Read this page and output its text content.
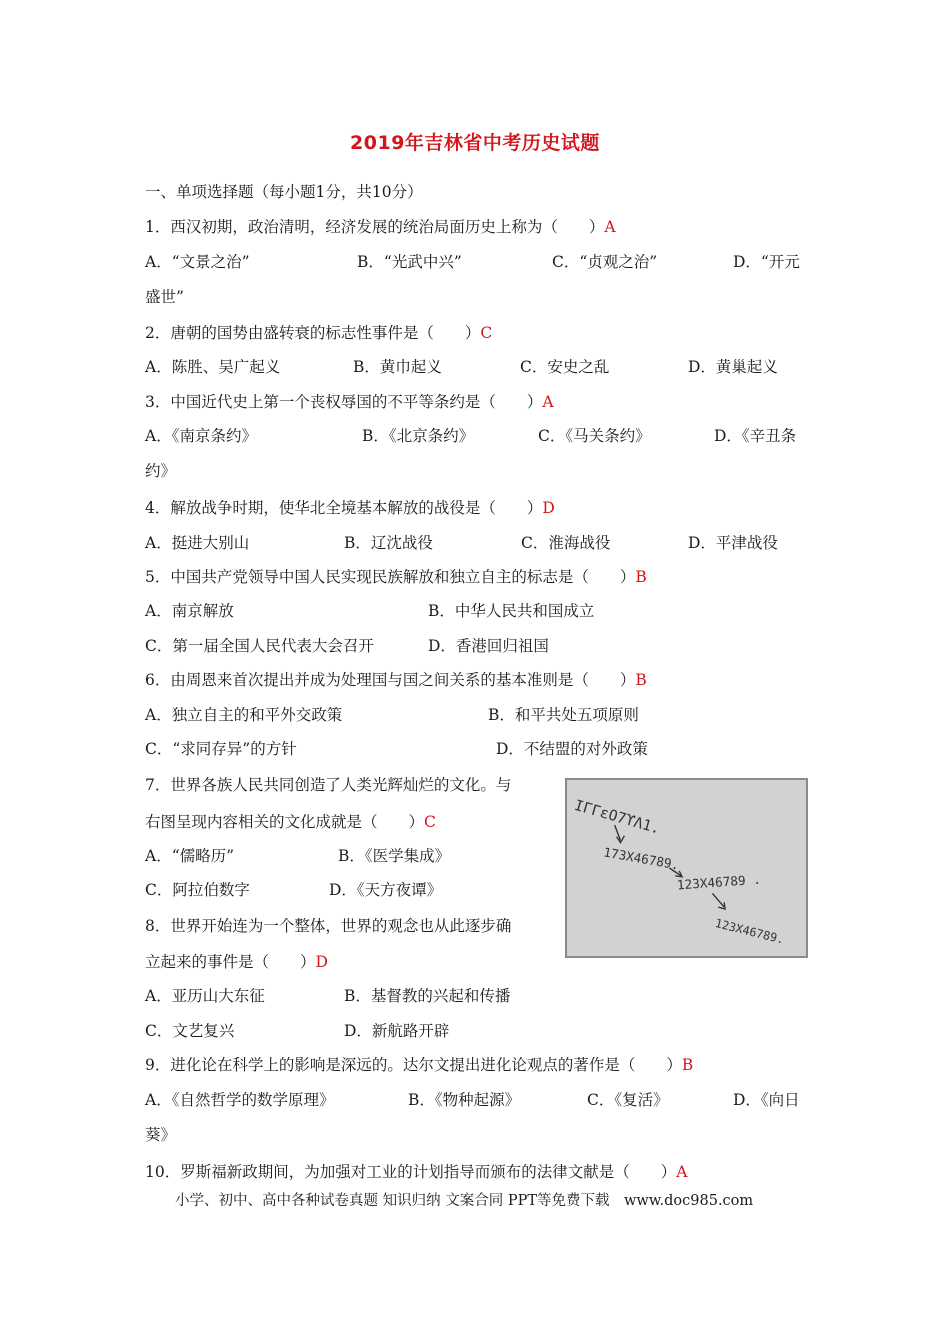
2019年吉林省中考历史试题
一、单项选择题（每小题1分，共10分）
1．西汉初期，政治清明，经济发展的统治局面历史上称为（　　）A
A．“文景之治”	B．“光武中兴”	C．“贞观之治”	D．“开元
盛世”
2．唐朝的国势由盛转衰的标志性事件是（　　）C
A．陈胜、吴广起义	B．黄巾起义	C．安史之乱	D．黄巢起义
3．中国近代史上第一个丧权辱国的不平等条约是（　　）A
A．《南京条约》	B．《北京条约》	C．《马关条约》	D．《辛丑条
约》
4．解放战争时期，使华北全境基本解放的战役是（　　）D
A．挺进大别山	B．辽沈战役	C．淮海战役	D．平津战役
5．中国共产党领导中国人民实现民族解放和独立自主的标志是（　　）B
A．南京解放	B．中华人民共和国成立
C．第一届全国人民代表大会召开	D．香港回归祖国
6．由周恩来首次提出并成为处理国与国之间关系的基本准则是（　　）B
A．独立自主的和平外交政策	B．和平共处五项原则
C．“求同存异”的方针	D．不结盟的对外政策
7．世界各族人民共同创造了人类光辉灿烂的文化。与
右图呈现内容相关的文化成就是（　　）C
A．“儒略历”	B．《医学集成》
C．阿拉伯数字	D．《天方夜谭》
IΓΓεΟ7ϒΛ1.
173Χ46789.
123Χ46789 .
123Χ46789.
8．世界开始连为一个整体，世界的观念也从此逐步确
立起来的事件是（　　）D
A．亚历山大东征	B．基督教的兴起和传播
C．文艺复兴	D．新航路开辟
9．进化论在科学上的影响是深远的。达尔文提出进化论观点的著作是（　　）B
A．《自然哲学的数学原理》	B．《物种起源》	C．《复活》	D．《向日
葵》
10．罗斯福新政期间，为加强对工业的计划指导而颁布的法律文献是（　　）A
小学、初中、高中各种试卷真题 知识归纳 文案合同 PPT等免费下载　www.doc985.com
